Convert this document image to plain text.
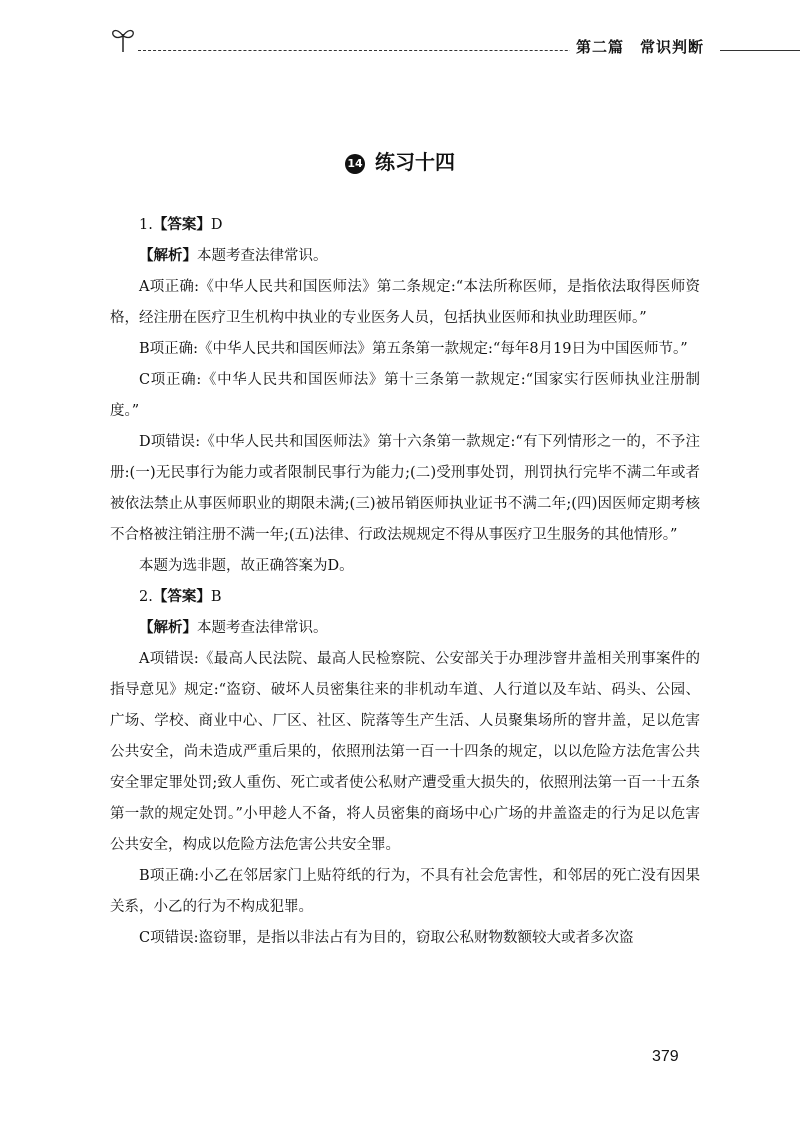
第二篇　常识判断
14 练习十四

1.【答案】D

【解析】本题考查法律常识。

A项正确:《中华人民共和国医师法》第二条规定:“本法所称医师，是指依法取得医师资格，经注册在医疗卫生机构中执业的专业医务人员，包括执业医师和执业助理医师。”

B项正确:《中华人民共和国医师法》第五条第一款规定:“每年8月19日为中国医师节。”

C项正确:《中华人民共和国医师法》第十三条第一款规定:“国家实行医师执业注册制度。”

D项错误:《中华人民共和国医师法》第十六条第一款规定:“有下列情形之一的，不予注册:(一)无民事行为能力或者限制民事行为能力;(二)受刑事处罚，刑罚执行完毕不满二年或者被依法禁止从事医师职业的期限未满;(三)被吊销医师执业证书不满二年;(四)因医师定期考核不合格被注销注册不满一年;(五)法律、行政法规规定不得从事医疗卫生服务的其他情形。”

本题为选非题，故正确答案为D。

2.【答案】B

【解析】本题考查法律常识。

A项错误:《最高人民法院、最高人民检察院、公安部关于办理涉窨井盖相关刑事案件的指导意见》规定:“盗窃、破坏人员密集往来的非机动车道、人行道以及车站、码头、公园、广场、学校、商业中心、厂区、社区、院落等生产生活、人员聚集场所的窨井盖，足以危害公共安全，尚未造成严重后果的，依照刑法第一百一十四条的规定，以以危险方法危害公共安全罪定罪处罚;致人重伤、死亡或者使公私财产遭受重大损失的，依照刑法第一百一十五条第一款的规定处罚。”小甲趁人不备，将人员密集的商场中心广场的井盖盗走的行为足以危害公共安全，构成以危险方法危害公共安全罪。

B项正确:小乙在邻居家门上贴符纸的行为，不具有社会危害性，和邻居的死亡没有因果关系，小乙的行为不构成犯罪。

C项错误:盗窃罪，是指以非法占有为目的，窃取公私财物数额较大或者多次盗

379
